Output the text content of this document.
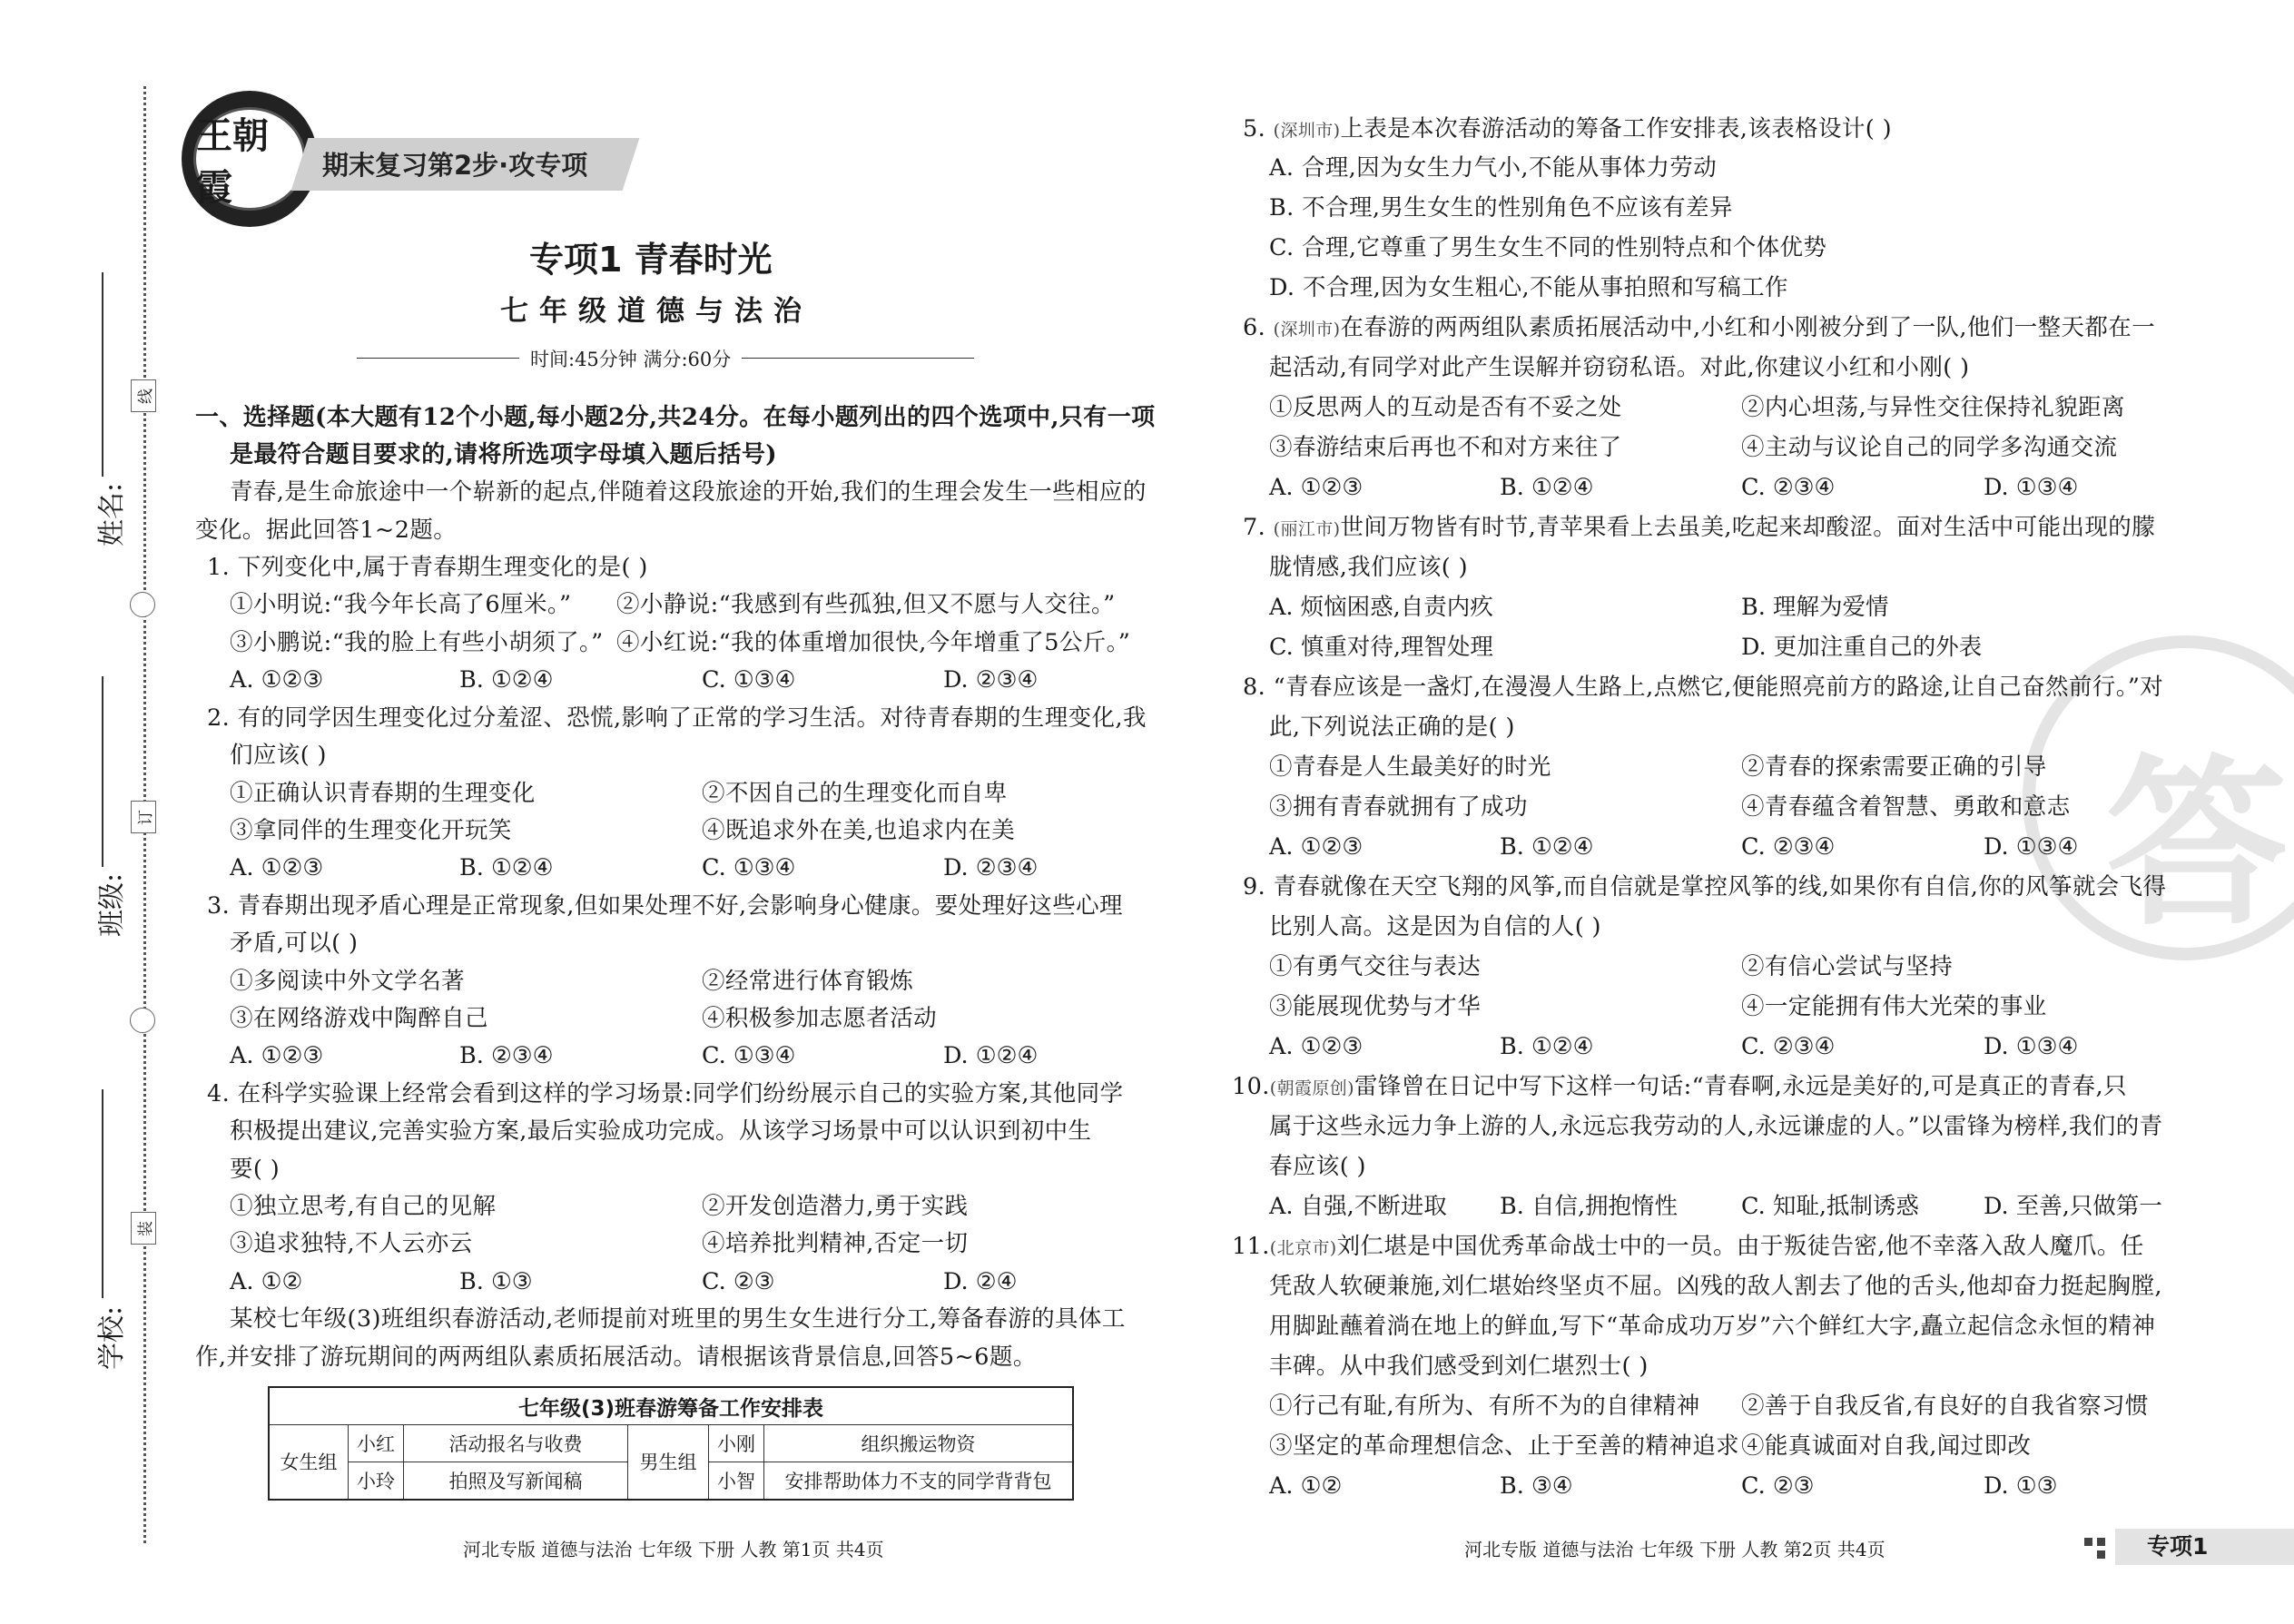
线
订
装
姓名:
班级:
学校:
王朝霞
期末复习第2步·攻专项
专项1 青春时光
七年级道德与法治
时间:45分钟 满分:60分
一、选择题(本大题有12个小题,每小题2分,共24分。在每小题列出的四个选项中,只有一项
是最符合题目要求的,请将所选项字母填入题后括号)
青春,是生命旅途中一个崭新的起点,伴随着这段旅途的开始,我们的生理会发生一些相应的
变化。据此回答1~2题。
1. 下列变化中,属于青春期生理变化的是( )
①小明说:“我今年长高了6厘米。” ②小静说:“我感到有些孤独,但又不愿与人交往。”
③小鹏说:“我的脸上有些小胡须了。” ④小红说:“我的体重增加很快,今年增重了5公斤。”
A. ①②③	B. ①②④	C. ①③④	D. ②③④
2. 有的同学因生理变化过分羞涩、恐慌,影响了正常的学习生活。对待青春期的生理变化,我
们应该( )
①正确认识青春期的生理变化	②不因自己的生理变化而自卑
③拿同伴的生理变化开玩笑	④既追求外在美,也追求内在美
A. ①②③	B. ①②④	C. ①③④	D. ②③④
3. 青春期出现矛盾心理是正常现象,但如果处理不好,会影响身心健康。要处理好这些心理
矛盾,可以( )
①多阅读中外文学名著	②经常进行体育锻炼
③在网络游戏中陶醉自己	④积极参加志愿者活动
A. ①②③	B. ②③④	C. ①③④	D. ①②④
4. 在科学实验课上经常会看到这样的学习场景:同学们纷纷展示自己的实验方案,其他同学
积极提出建议,完善实验方案,最后实验成功完成。从该学习场景中可以认识到初中生
要( )
①独立思考,有自己的见解	②开发创造潜力,勇于实践
③追求独特,不人云亦云	④培养批判精神,否定一切
A. ①②	B. ①③	C. ②③	D. ②④
某校七年级(3)班组织春游活动,老师提前对班里的男生女生进行分工,筹备春游的具体工
作,并安排了游玩期间的两两组队素质拓展活动。请根据该背景信息,回答5~6题。
七年级(3)班春游筹备工作安排表					
女生组	小红	活动报名与收费	男生组	小刚	组织搬运物资
	小玲	拍照及写新闻稿		小智	安排帮助体力不支的同学背背包
河北专版 道德与法治 七年级 下册 人教 第1页 共4页
答
5. (深圳市)上表是本次春游活动的筹备工作安排表,该表格设计( )
A. 合理,因为女生力气小,不能从事体力劳动
B. 不合理,男生女生的性别角色不应该有差异
C. 合理,它尊重了男生女生不同的性别特点和个体优势
D. 不合理,因为女生粗心,不能从事拍照和写稿工作
6. (深圳市)在春游的两两组队素质拓展活动中,小红和小刚被分到了一队,他们一整天都在一
起活动,有同学对此产生误解并窃窃私语。对此,你建议小红和小刚( )
①反思两人的互动是否有不妥之处	②内心坦荡,与异性交往保持礼貌距离
③春游结束后再也不和对方来往了	④主动与议论自己的同学多沟通交流
A. ①②③	B. ①②④	C. ②③④	D. ①③④
7. (丽江市)世间万物皆有时节,青苹果看上去虽美,吃起来却酸涩。面对生活中可能出现的朦
胧情感,我们应该( )
A. 烦恼困惑,自责内疚	B. 理解为爱情
C. 慎重对待,理智处理	D. 更加注重自己的外表
8. “青春应该是一盏灯,在漫漫人生路上,点燃它,便能照亮前方的路途,让自己奋然前行。”对
此,下列说法正确的是( )
①青春是人生最美好的时光	②青春的探索需要正确的引导
③拥有青春就拥有了成功	④青春蕴含着智慧、勇敢和意志
A. ①②③	B. ①②④	C. ②③④	D. ①③④
9. 青春就像在天空飞翔的风筝,而自信就是掌控风筝的线,如果你有自信,你的风筝就会飞得
比别人高。这是因为自信的人( )
①有勇气交往与表达	②有信心尝试与坚持
③能展现优势与才华	④一定能拥有伟大光荣的事业
A. ①②③	B. ①②④	C. ②③④	D. ①③④
10.(朝霞原创)雷锋曾在日记中写下这样一句话:“青春啊,永远是美好的,可是真正的青春,只
属于这些永远力争上游的人,永远忘我劳动的人,永远谦虚的人。”以雷锋为榜样,我们的青
春应该( )
A. 自强,不断进取 B. 自信,拥抱惰性	C. 知耻,抵制诱惑	D. 至善,只做第一
11.(北京市)刘仁堪是中国优秀革命战士中的一员。由于叛徒告密,他不幸落入敌人魔爪。任
凭敌人软硬兼施,刘仁堪始终坚贞不屈。凶残的敌人割去了他的舌头,他却奋力挺起胸膛,
用脚趾蘸着淌在地上的鲜血,写下“革命成功万岁”六个鲜红大字,矗立起信念永恒的精神
丰碑。从中我们感受到刘仁堪烈士( )
①行己有耻,有所为、有所不为的自律精神 ②善于自我反省,有良好的自我省察习惯
③坚定的革命理想信念、止于至善的精神追求 ④能真诚面对自我,闻过即改
A. ①②	B. ③④	C. ②③	D. ①③
河北专版 道德与法治 七年级 下册 人教 第2页 共4页	专项1
